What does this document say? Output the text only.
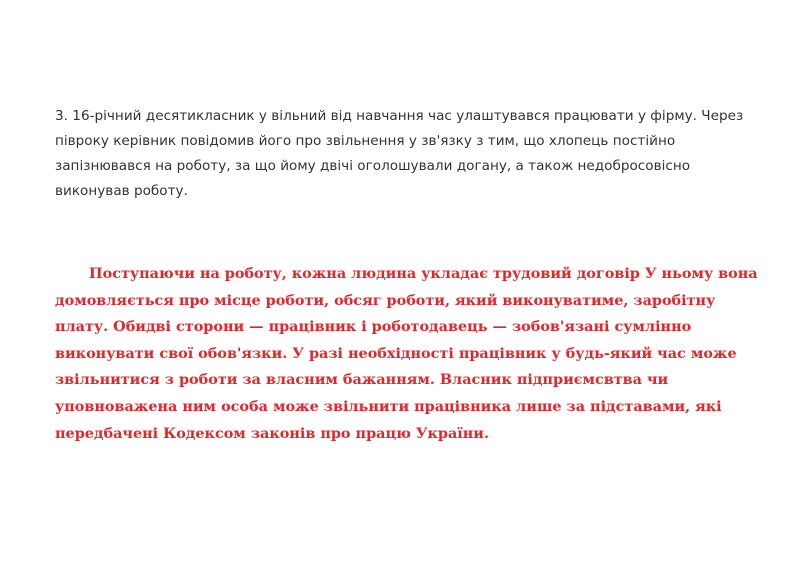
3. 16-річний десятикласник у вільний від навчання час улаштувався працювати у фірму. Через півроку керівник повідомив його про звільнення у зв'язку з тим, що хлопець постійно запізнювався на роботу, за що йому двічі оголошували догану, а також недобросовісно виконував роботу.

Поступаючи на роботу, кожна людина укладає трудовий договір У ньому вона домовляється про місце роботи, обсяг роботи, який виконуватиме, заробітну плату. Обидві сторони — працівник і роботодавець — зобов'язані сумлінно виконувати свої обов'язки. У разі необхідності працівник у будь-який час може звільнитися з роботи за власним бажанням. Власник підприємсвтва чи уповноважена ним особа може звільнити працівника лише за підставами, які передбачені Кодексом законів про працю України.
